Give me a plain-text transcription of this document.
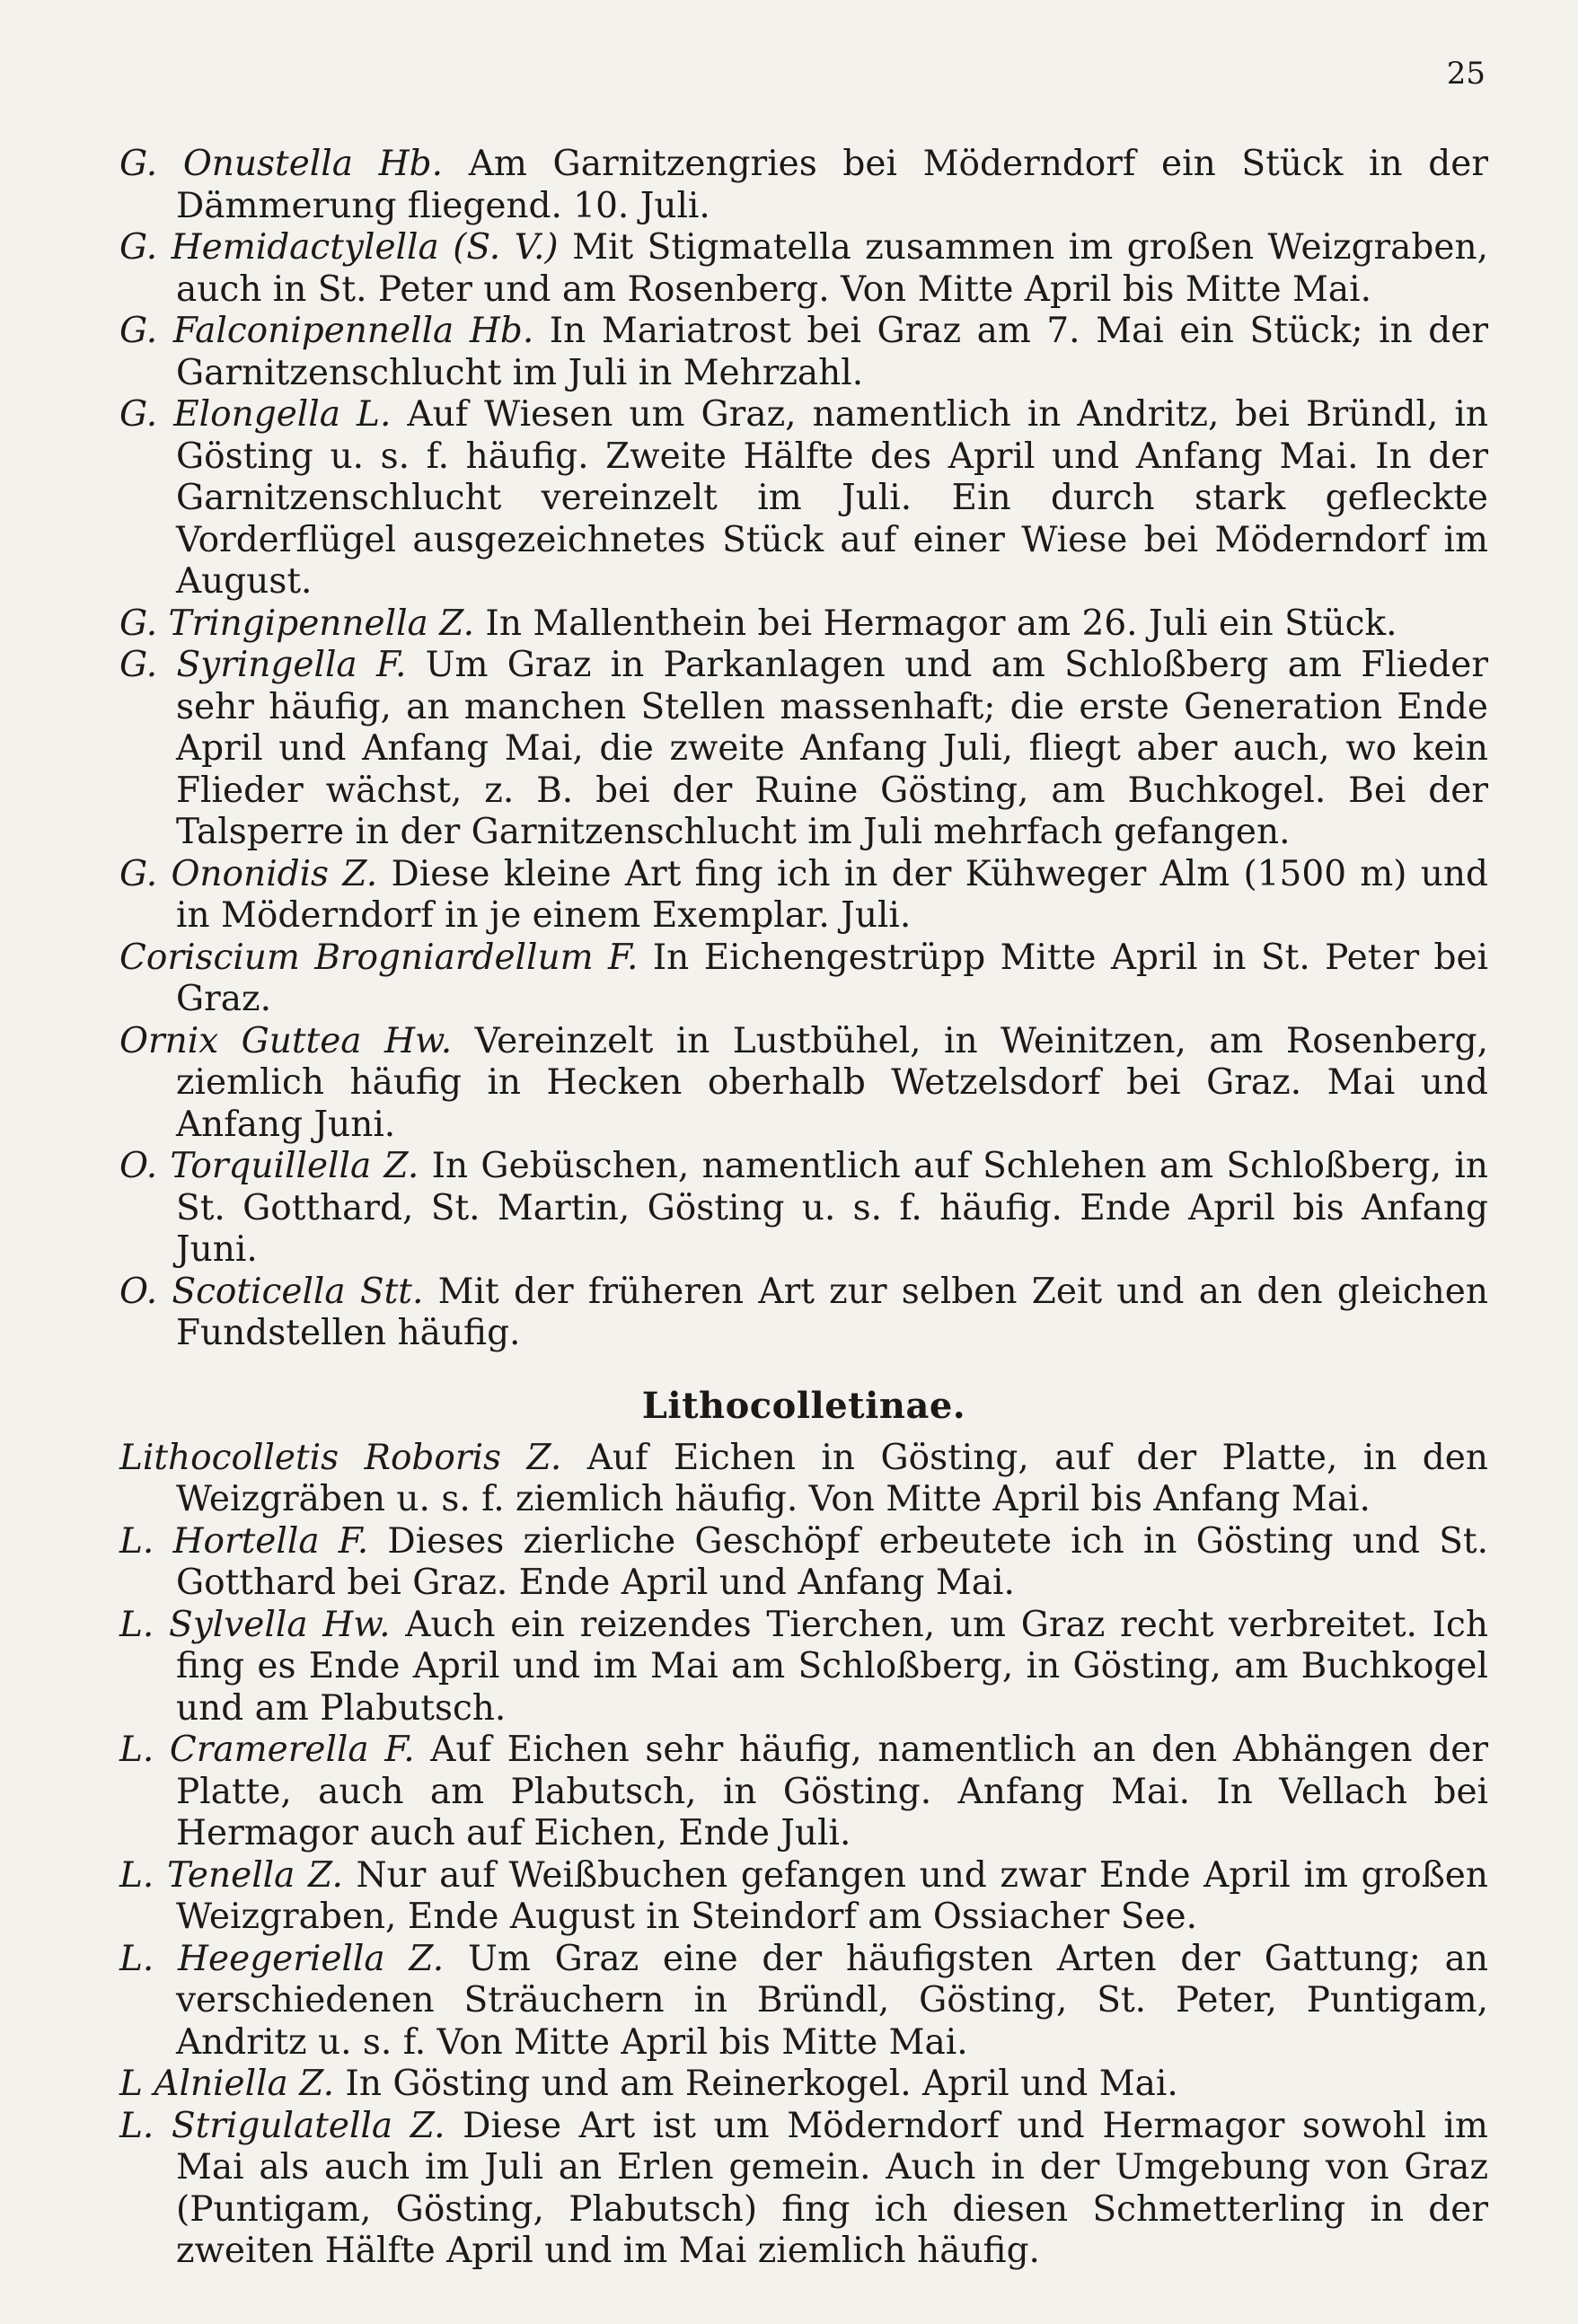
25

G. Onustella Hb. Am Garnitzengries bei Möderndorf ein Stück in der Dämmerung fliegend. 10. Juli.

G. Hemidactylella (S. V.) Mit Stigmatella zusammen im großen Weizgraben, auch in St. Peter und am Rosenberg. Von Mitte April bis Mitte Mai.

G. Falconipennella Hb. In Mariatrost bei Graz am 7. Mai ein Stück; in der Garnitzenschlucht im Juli in Mehrzahl.

G. Elongella L. Auf Wiesen um Graz, namentlich in Andritz, bei Bründl, in Gösting u. s. f. häufig. Zweite Hälfte des April und Anfang Mai. In der Garnitzenschlucht vereinzelt im Juli. Ein durch stark gefleckte Vorderflügel ausgezeichnetes Stück auf einer Wiese bei Möderndorf im August.

G. Tringipennella Z. In Mallenthein bei Hermagor am 26. Juli ein Stück.

G. Syringella F. Um Graz in Parkanlagen und am Schloßberg am Flieder sehr häufig, an manchen Stellen massenhaft; die erste Generation Ende April und Anfang Mai, die zweite Anfang Juli, fliegt aber auch, wo kein Flieder wächst, z. B. bei der Ruine Gösting, am Buchkogel. Bei der Talsperre in der Garnitzenschlucht im Juli mehrfach gefangen.

G. Ononidis Z. Diese kleine Art fing ich in der Kühweger Alm (1500 m) und in Möderndorf in je einem Exemplar. Juli.

Coriscium Brogniardellum F. In Eichengestrüpp Mitte April in St. Peter bei Graz.

Ornix Guttea Hw. Vereinzelt in Lustbühel, in Weinitzen, am Rosenberg, ziemlich häufig in Hecken oberhalb Wetzelsdorf bei Graz. Mai und Anfang Juni.

O. Torquillella Z. In Gebüschen, namentlich auf Schlehen am Schloßberg, in St. Gotthard, St. Martin, Gösting u. s. f. häufig. Ende April bis Anfang Juni.

O. Scoticella Stt. Mit der früheren Art zur selben Zeit und an den gleichen Fundstellen häufig.

Lithocolletinae.

Lithocolletis Roboris Z. Auf Eichen in Gösting, auf der Platte, in den Weizgräben u. s. f. ziemlich häufig. Von Mitte April bis Anfang Mai.

L. Hortella F. Dieses zierliche Geschöpf erbeutete ich in Gösting und St. Gotthard bei Graz. Ende April und Anfang Mai.

L. Sylvella Hw. Auch ein reizendes Tierchen, um Graz recht verbreitet. Ich fing es Ende April und im Mai am Schloßberg, in Gösting, am Buchkogel und am Plabutsch.

L. Cramerella F. Auf Eichen sehr häufig, namentlich an den Abhängen der Platte, auch am Plabutsch, in Gösting. Anfang Mai. In Vellach bei Hermagor auch auf Eichen, Ende Juli.

L. Tenella Z. Nur auf Weißbuchen gefangen und zwar Ende April im großen Weizgraben, Ende August in Steindorf am Ossiacher See.

L. Heegeriella Z. Um Graz eine der häufigsten Arten der Gattung; an verschiedenen Sträuchern in Bründl, Gösting, St. Peter, Puntigam, Andritz u. s. f. Von Mitte April bis Mitte Mai.

L Alniella Z. In Gösting und am Reinerkogel. April und Mai.

L. Strigulatella Z. Diese Art ist um Möderndorf und Hermagor sowohl im Mai als auch im Juli an Erlen gemein. Auch in der Umgebung von Graz (Puntigam, Gösting, Plabutsch) fing ich diesen Schmetterling in der zweiten Hälfte April und im Mai ziemlich häufig.
